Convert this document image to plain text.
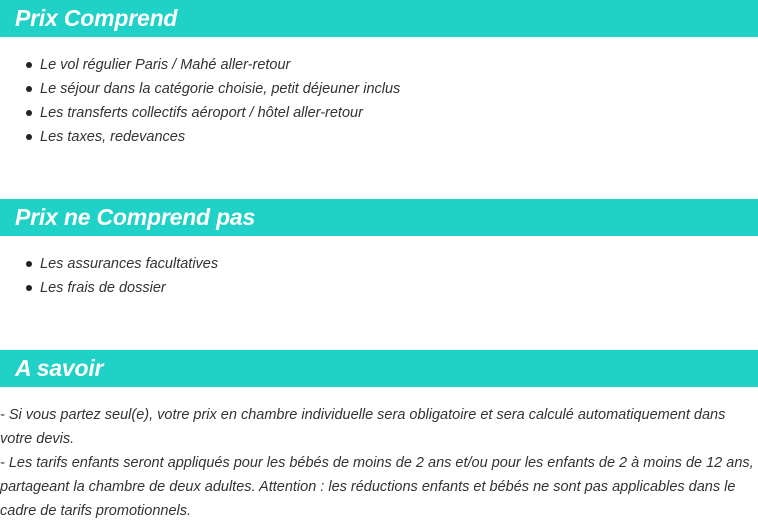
Prix Comprend
Le vol régulier Paris / Mahé aller-retour
Le séjour dans la catégorie choisie, petit déjeuner inclus
Les transferts collectifs aéroport / hôtel aller-retour
Les taxes, redevances
Prix ne Comprend pas
Les assurances facultatives
Les frais de dossier
A savoir

- Si vous partez seul(e), votre prix en chambre individuelle sera obligatoire et sera calculé automatiquement dans votre devis.

- Les tarifs enfants seront appliqués pour les bébés de moins de 2 ans et/ou pour les enfants de 2 à moins de 12 ans, partageant la chambre de deux adultes. Attention : les réductions enfants et bébés ne sont pas applicables dans le cadre de tarifs promotionnels.
